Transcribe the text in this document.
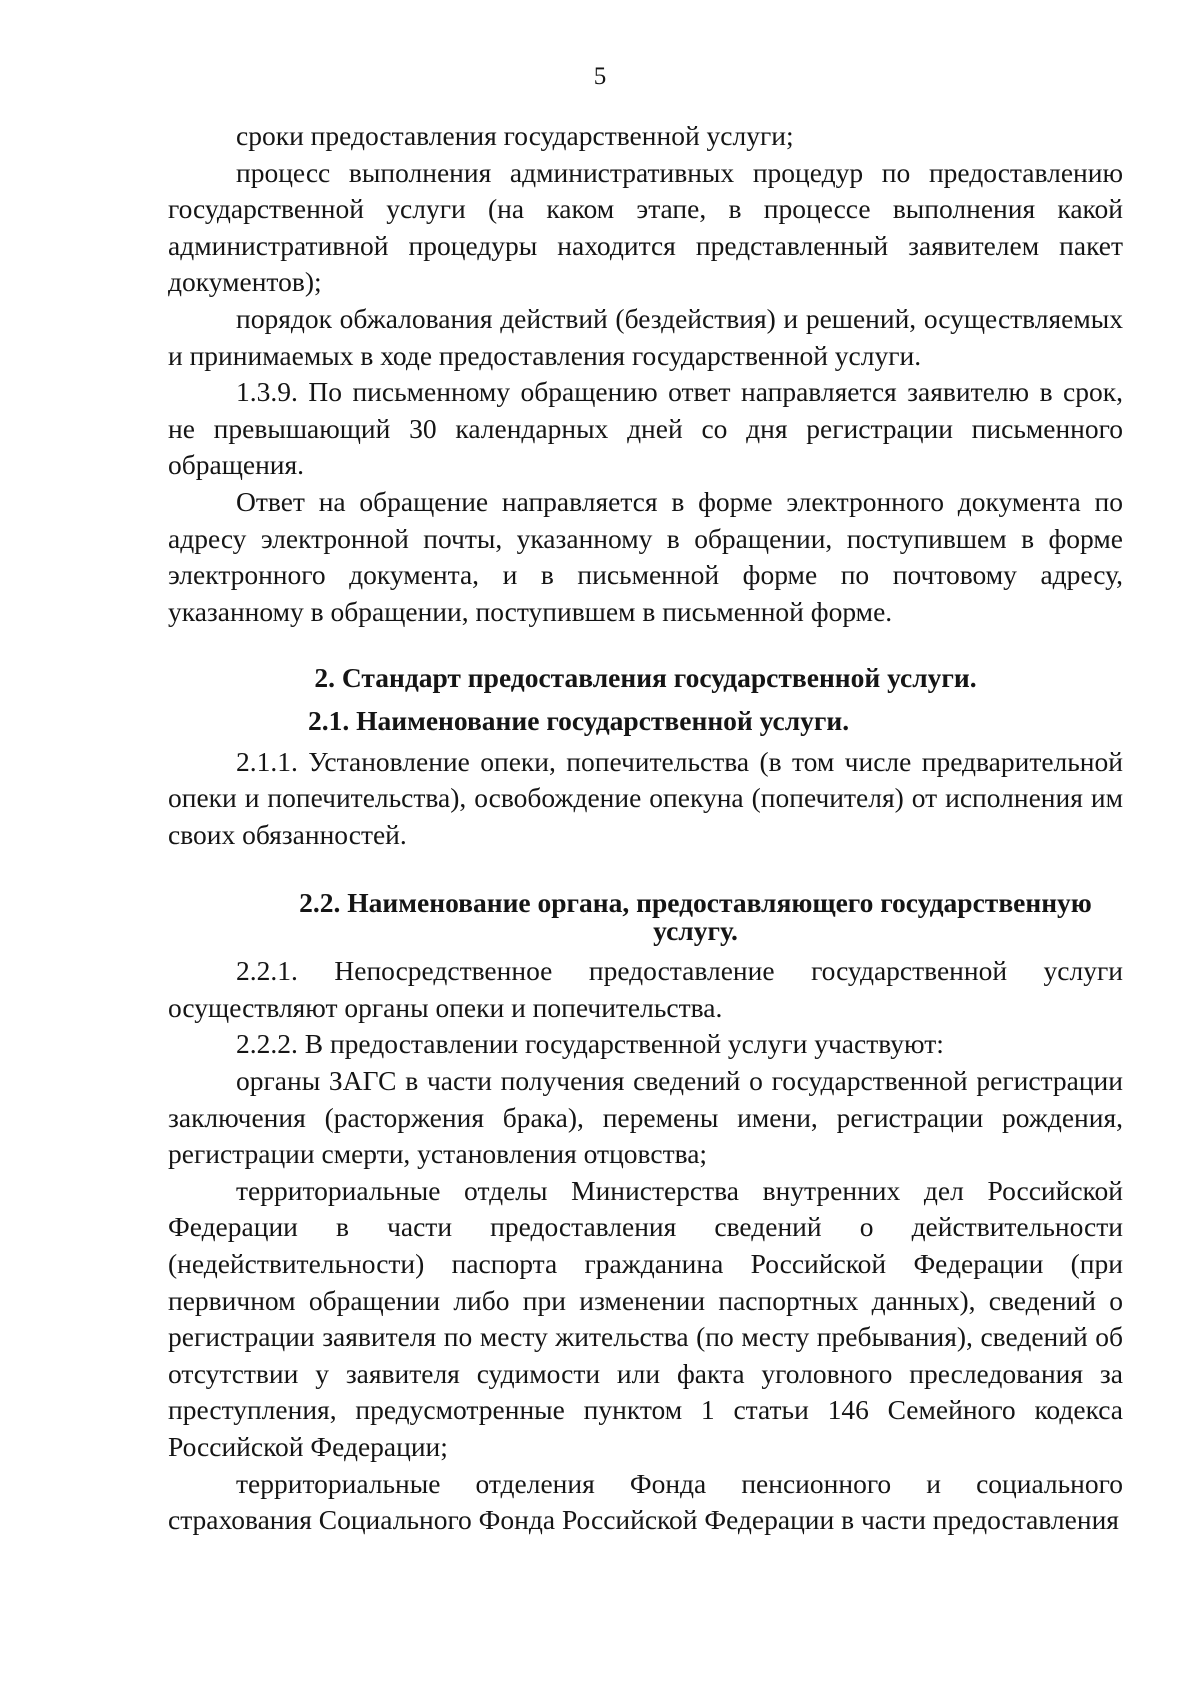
5

сроки предоставления государственной услуги;

процесс выполнения административных процедур по предоставлению государственной услуги (на каком этапе, в процессе выполнения какой административной процедуры находится представленный заявителем пакет документов);

порядок обжалования действий (бездействия) и решений, осуществляемых и принимаемых в ходе предоставления государственной услуги.

1.3.9. По письменному обращению ответ направляется заявителю в срок, не превышающий 30 календарных дней со дня регистрации письменного обращения.

Ответ на обращение направляется в форме электронного документа по адресу электронной почты, указанному в обращении, поступившем в форме электронного документа, и в письменной форме по почтовому адресу, указанному в обращении, поступившем в письменной форме.

2. Стандарт предоставления государственной услуги.

2.1. Наименование государственной услуги.

2.1.1. Установление опеки, попечительства (в том числе предварительной опеки и попечительства), освобождение опекуна (попечителя) от исполнения им своих обязанностей.

2.2. Наименование органа, предоставляющего государственную услугу.

2.2.1. Непосредственное предоставление государственной услуги осуществляют органы опеки и попечительства.

2.2.2. В предоставлении государственной услуги участвуют:

органы ЗАГС в части получения сведений о государственной регистрации заключения (расторжения брака), перемены имени, регистрации рождения, регистрации смерти, установления отцовства;

территориальные отделы Министерства внутренних дел Российской Федерации в части предоставления сведений о действительности (недействительности) паспорта гражданина Российской Федерации (при первичном обращении либо при изменении паспортных данных), сведений о регистрации заявителя по месту жительства (по месту пребывания), сведений об отсутствии у заявителя судимости или факта уголовного преследования за преступления, предусмотренные пунктом 1 статьи 146 Семейного кодекса Российской Федерации;

территориальные отделения Фонда пенсионного и социального страхования Социального Фонда Российской Федерации в части предоставления
